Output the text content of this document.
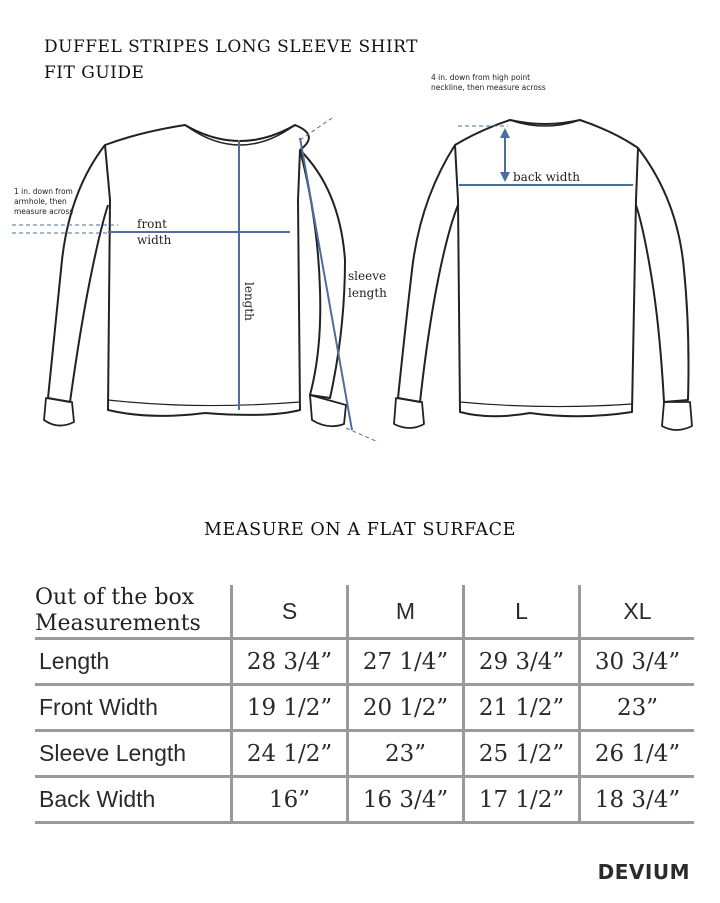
DUFFEL STRIPES LONG SLEEVE SHIRT
FIT GUIDE
1 in. down from
armhole, then
measure across
4 in. down from high point
neckline, then measure across
front
width
length
sleeve
length
back width
MEASURE ON A FLAT SURFACE
Out of the box
Measurements	S	M	L	XL
Length	28 3/4”	27 1/4”	29 3/4”	30 3/4”
Front Width	19 1/2”	20 1/2”	21 1/2”	23”
Sleeve Length	24 1/2”	23”	25 1/2”	26 1/4”
Back Width	16”	16 3/4”	17 1/2”	18 3/4”
DEVIUM
